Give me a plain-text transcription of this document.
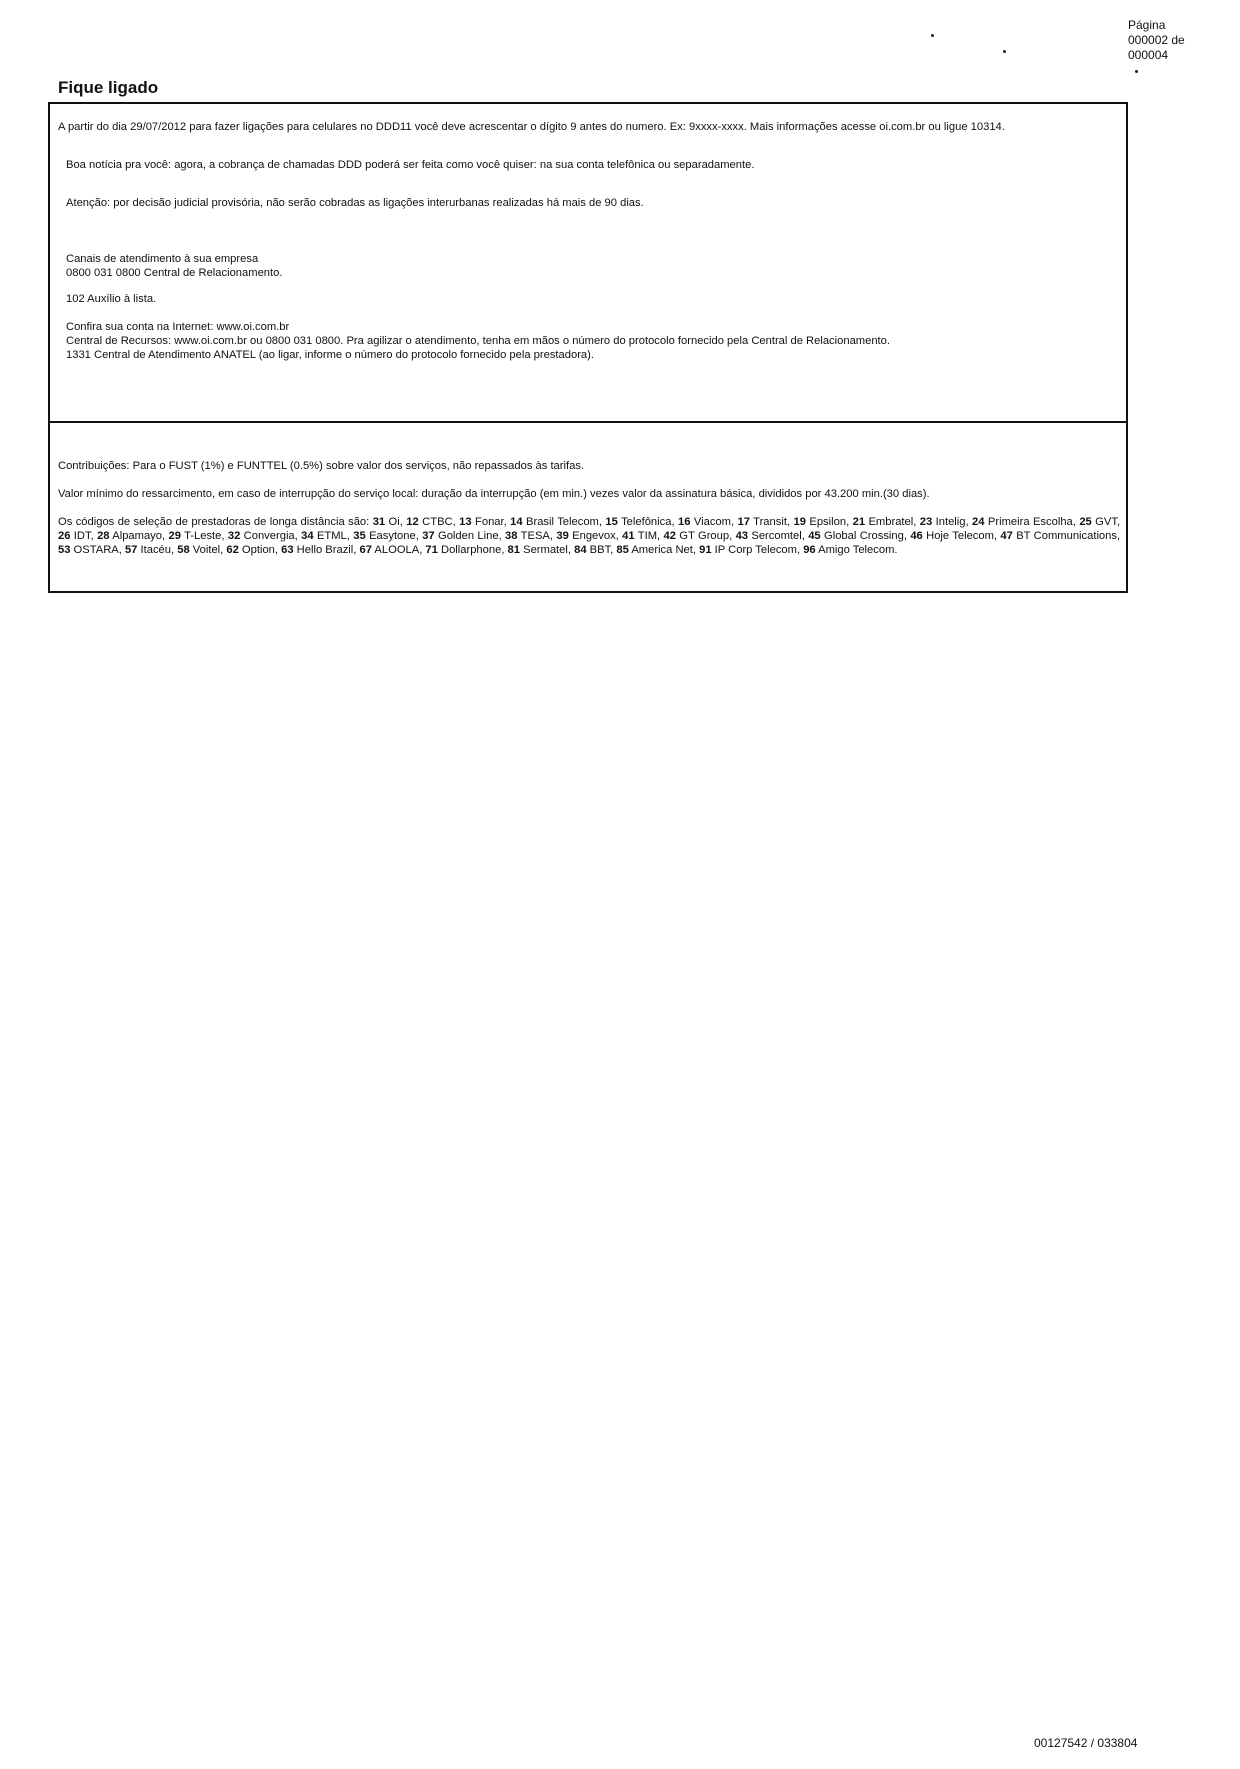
Página
000002 de
000004
Fique ligado

A partir do dia 29/07/2012 para fazer ligações para celulares no DDD11 você deve acrescentar o dígito 9 antes do numero. Ex: 9xxxx-xxxx. Mais informações acesse oi.com.br ou ligue 10314.

Boa notícia pra você: agora, a cobrança de chamadas DDD poderá ser feita como você quiser: na sua conta telefônica ou separadamente.

Atenção: por decisão judicial provisória, não serão cobradas as ligações interurbanas realizadas há mais de 90 dias.

Canais de atendimento à sua empresa

0800 031 0800 Central de Relacionamento.

102 Auxílio à lista.

Confira sua conta na Internet: www.oi.com.br

Central de Recursos: www.oi.com.br ou 0800 031 0800. Pra agilizar o atendimento, tenha em mãos o número do protocolo fornecido pela Central de Relacionamento.

1331 Central de Atendimento ANATEL (ao ligar, informe o número do protocolo fornecido pela prestadora).

Contribuições: Para o FUST (1%) e FUNTTEL (0.5%) sobre valor dos serviços, não repassados às tarifas.

Valor mínimo do ressarcimento, em caso de interrupção do serviço local: duração da interrupção (em min.) vezes valor da assinatura básica, divididos por 43.200 min.(30 dias).

Os códigos de seleção de prestadoras de longa distância são: 31 Oi, 12 CTBC, 13 Fonar, 14 Brasil Telecom, 15 Telefônica, 16 Viacom, 17 Transit, 19 Epsilon, 21 Embratel, 23 Intelig, 24 Primeira Escolha, 25 GVT, 26 IDT, 28 Alpamayo, 29 T-Leste, 32 Convergia, 34 ETML, 35 Easytone, 37 Golden Line, 38 TESA, 39 Engevox, 41 TIM, 42 GT Group, 43 Sercomtel, 45 Global Crossing, 46 Hoje Telecom, 47 BT Communications, 53 OSTARA, 57 Itacéu, 58 Voitel, 62 Option, 63 Hello Brazil, 67 ALOOLA, 71 Dollarphone, 81 Sermatel, 84 BBT, 85 America Net, 91 IP Corp Telecom, 96 Amigo Telecom.

00127542 / 033804
